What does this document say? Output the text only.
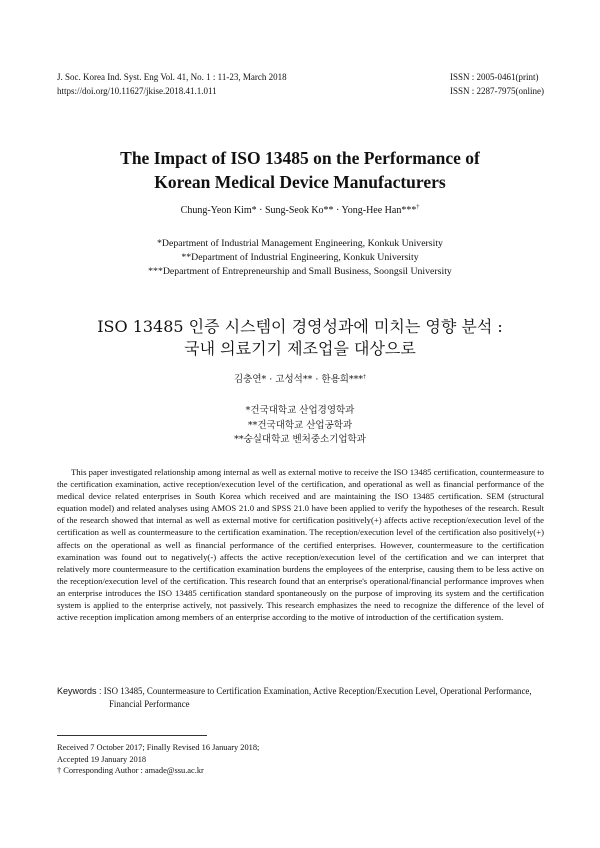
J. Soc. Korea Ind. Syst. Eng Vol. 41, No. 1 : 11-23, March 2018
https://doi.org/10.11627/jkise.2018.41.1.011
ISSN : 2005-0461(print)
ISSN : 2287-7975(online)
The Impact of ISO 13485 on the Performance of
Korean Medical Device Manufacturers
Chung-Yeon Kim* · Sung-Seok Ko** · Yong-Hee Han***†
*Department of Industrial Management Engineering, Konkuk University
**Department of Industrial Engineering, Konkuk University
***Department of Entrepreneurship and Small Business, Soongsil University
ISO 13485 인증 시스템이 경영성과에 미치는 영향 분석 :
국내 의료기기 제조업을 대상으로
김충연* · 고성석** · 한용희***†
*건국대학교 산업경영학과
**건국대학교 산업공학과
**숭실대학교 벤처중소기업학과

This paper investigated relationship among internal as well as external motive to receive the ISO 13485 certification, countermeasure to the certification examination, active reception/execution level of the certification, and operational as well as financial performance of the medical device related enterprises in South Korea which received and are maintaining the ISO 13485 certification. SEM (structural equation model) and related analyses using AMOS 21.0 and SPSS 21.0 have been applied to verify the hypotheses of the research. Result of the research showed that internal as well as external motive for certification positively(+) affects active reception/execution level of the certification as well as countermeasure to the certification examination. The reception/execution level of the certification also positively(+) affects on the operational as well as financial performance of the certified enterprises. However, countermeasure to the certification examination was found out to negatively(-) affects the active reception/execution level of the certification and we can interpret that relatively more countermeasure to the certification examination burdens the employees of the enterprise, causing them to be less active on the reception/execution level of the certification. This research found that an enterprise's operational/financial performance improves when an enterprise introduces the ISO 13485 certification standard spontaneously on the purpose of improving its system and the certification system is applied to the enterprise actively, not passively. This research emphasizes the need to recognize the difference of the level of active reception implication among members of an enterprise according to the motive of introduction of the certification system.

Keywords : ISO 13485, Countermeasure to Certification Examination, Active Reception/Execution Level, Operational Performance,
Financial Performance
Received 7 October 2017; Finally Revised 16 January 2018;
Accepted 19 January 2018
† Corresponding Author : amade@ssu.ac.kr
